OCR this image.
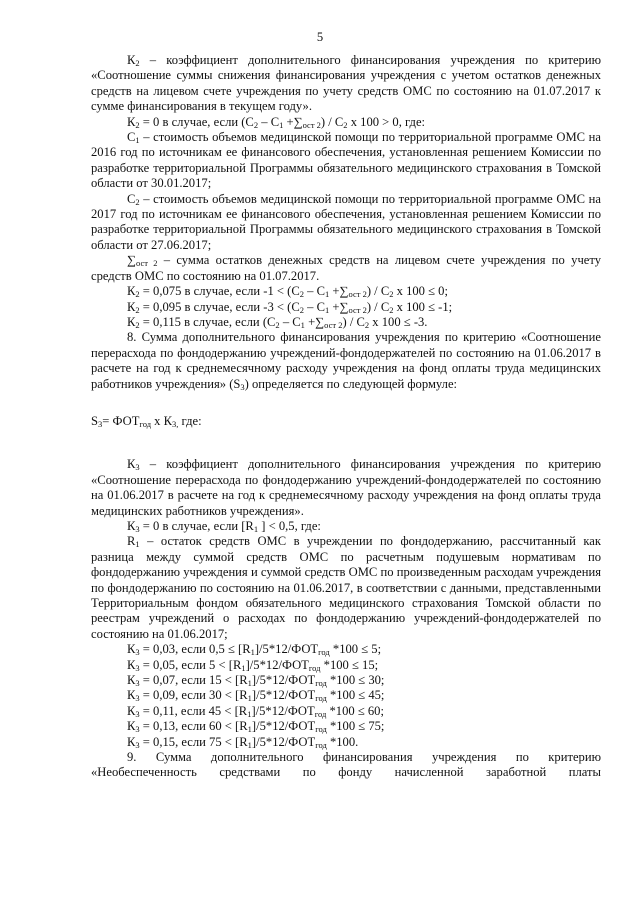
5

$К_2$ – коэффициент дополнительного финансирования учреждения по критерию «Соотношение суммы снижения финансирования учреждения с учетом остатков денежных средств на лицевом счете учреждения по учету средств ОМС по состоянию на 01.07.2017 к сумме финансирования в текущем году».

$К_2 = 0$ в случае, если $(С_2 - С_1 +\sum_{ост 2}) / С_2$ х 100 > 0, где:

$С_1$ – стоимость объемов медицинской помощи по территориальной программе ОМС на 2016 год по источникам ее финансового обеспечения, установленная решением Комиссии по разработке территориальной Программы обязательного медицинского страхования в Томской области от 30.01.2017;

$С_2$ – стоимость объемов медицинской помощи по территориальной программе ОМС на 2017 год по источникам ее финансового обеспечения, установленная решением Комиссии по разработке территориальной Программы обязательного медицинского страхования в Томской области от 27.06.2017;

$\sum_{ост 2}$ – сумма остатков денежных средств на лицевом счете учреждения по учету средств ОМС по состоянию на 01.07.2017.

$К_2 = 0,075$ в случае, если $-1 < (С_2 - С_1 +\sum_{ост 2}) / С_2$ х 100 ≤ 0;

$К_2 = 0,095$ в случае, если $-3 < (С_2 - С_1 +\sum_{ост 2}) / С_2$ х 100 ≤ -1;

$К_2 = 0,115$ в случае, если $(С_2 - С_1 +\sum_{ост 2}) / С_2$ х 100 ≤ -3.

8. Сумма дополнительного финансирования учреждения по критерию «Соотношение перерасхода по фондодержанию учреждений-фондодержателей по состоянию на 01.06.2017 в расчете на год к среднемесячному расходу учреждения на фонд оплаты труда медицинских работников учреждения» $(S_3)$ определяется по следующей формуле:

$S_3= ФОТ_{год}$ х $К_{3,}$ где:

$К_3$ – коэффициент дополнительного финансирования учреждения по критерию «Соотношение перерасхода по фондодержанию учреждений-фондодержателей по состоянию на 01.06.2017 в расчете на год к среднемесячному расходу учреждения на фонд оплаты труда медицинских работников учреждения».

$К_3 = 0$ в случае, если [$R_1$ ] < 0,5, где:

$R_1$ – остаток средств ОМС в учреждении по фондодержанию, рассчитанный как разница между суммой средств ОМС по расчетным подушевым нормативам по фондодержанию учреждения и суммой средств ОМС по произведенным расходам учреждения по фондодержанию по состоянию на 01.06.2017, в соответствии с данными, представленными Территориальным фондом обязательного медицинского страхования Томской области по реестрам учреждений о расходах по фондодержанию учреждений-фондодержателей по состоянию на 01.06.2017;

$К_3 = 0,03$, если $0,5 \le [R_1]/5*12/ФОТ_{год}$ *100 ≤ 5;

$К_3 = 0,05$, если $5 < [R_1]/5*12/ФОТ_{год}$ *100 ≤ 15;

$К_3 = 0,07$, если $15 < [R_1]/5*12/ФОТ_{год}$ *100 ≤ 30;

$К_3 = 0,09$, если $30 < [R_1]/5*12/ФОТ_{год}$ *100 ≤ 45;

$К_3 = 0,11$, если $45 < [R_1]/5*12/ФОТ_{год}$ *100 ≤ 60;

$К_3 = 0,13$, если $60 < [R_1]/5*12/ФОТ_{год}$ *100 ≤ 75;

$К_3 = 0,15$, если $75 < [R_1]/5*12/ФОТ_{год}$ *100.

9. Сумма дополнительного финансирования учреждения по критерию «Необеспеченность средствами по фонду начисленной заработной платы
